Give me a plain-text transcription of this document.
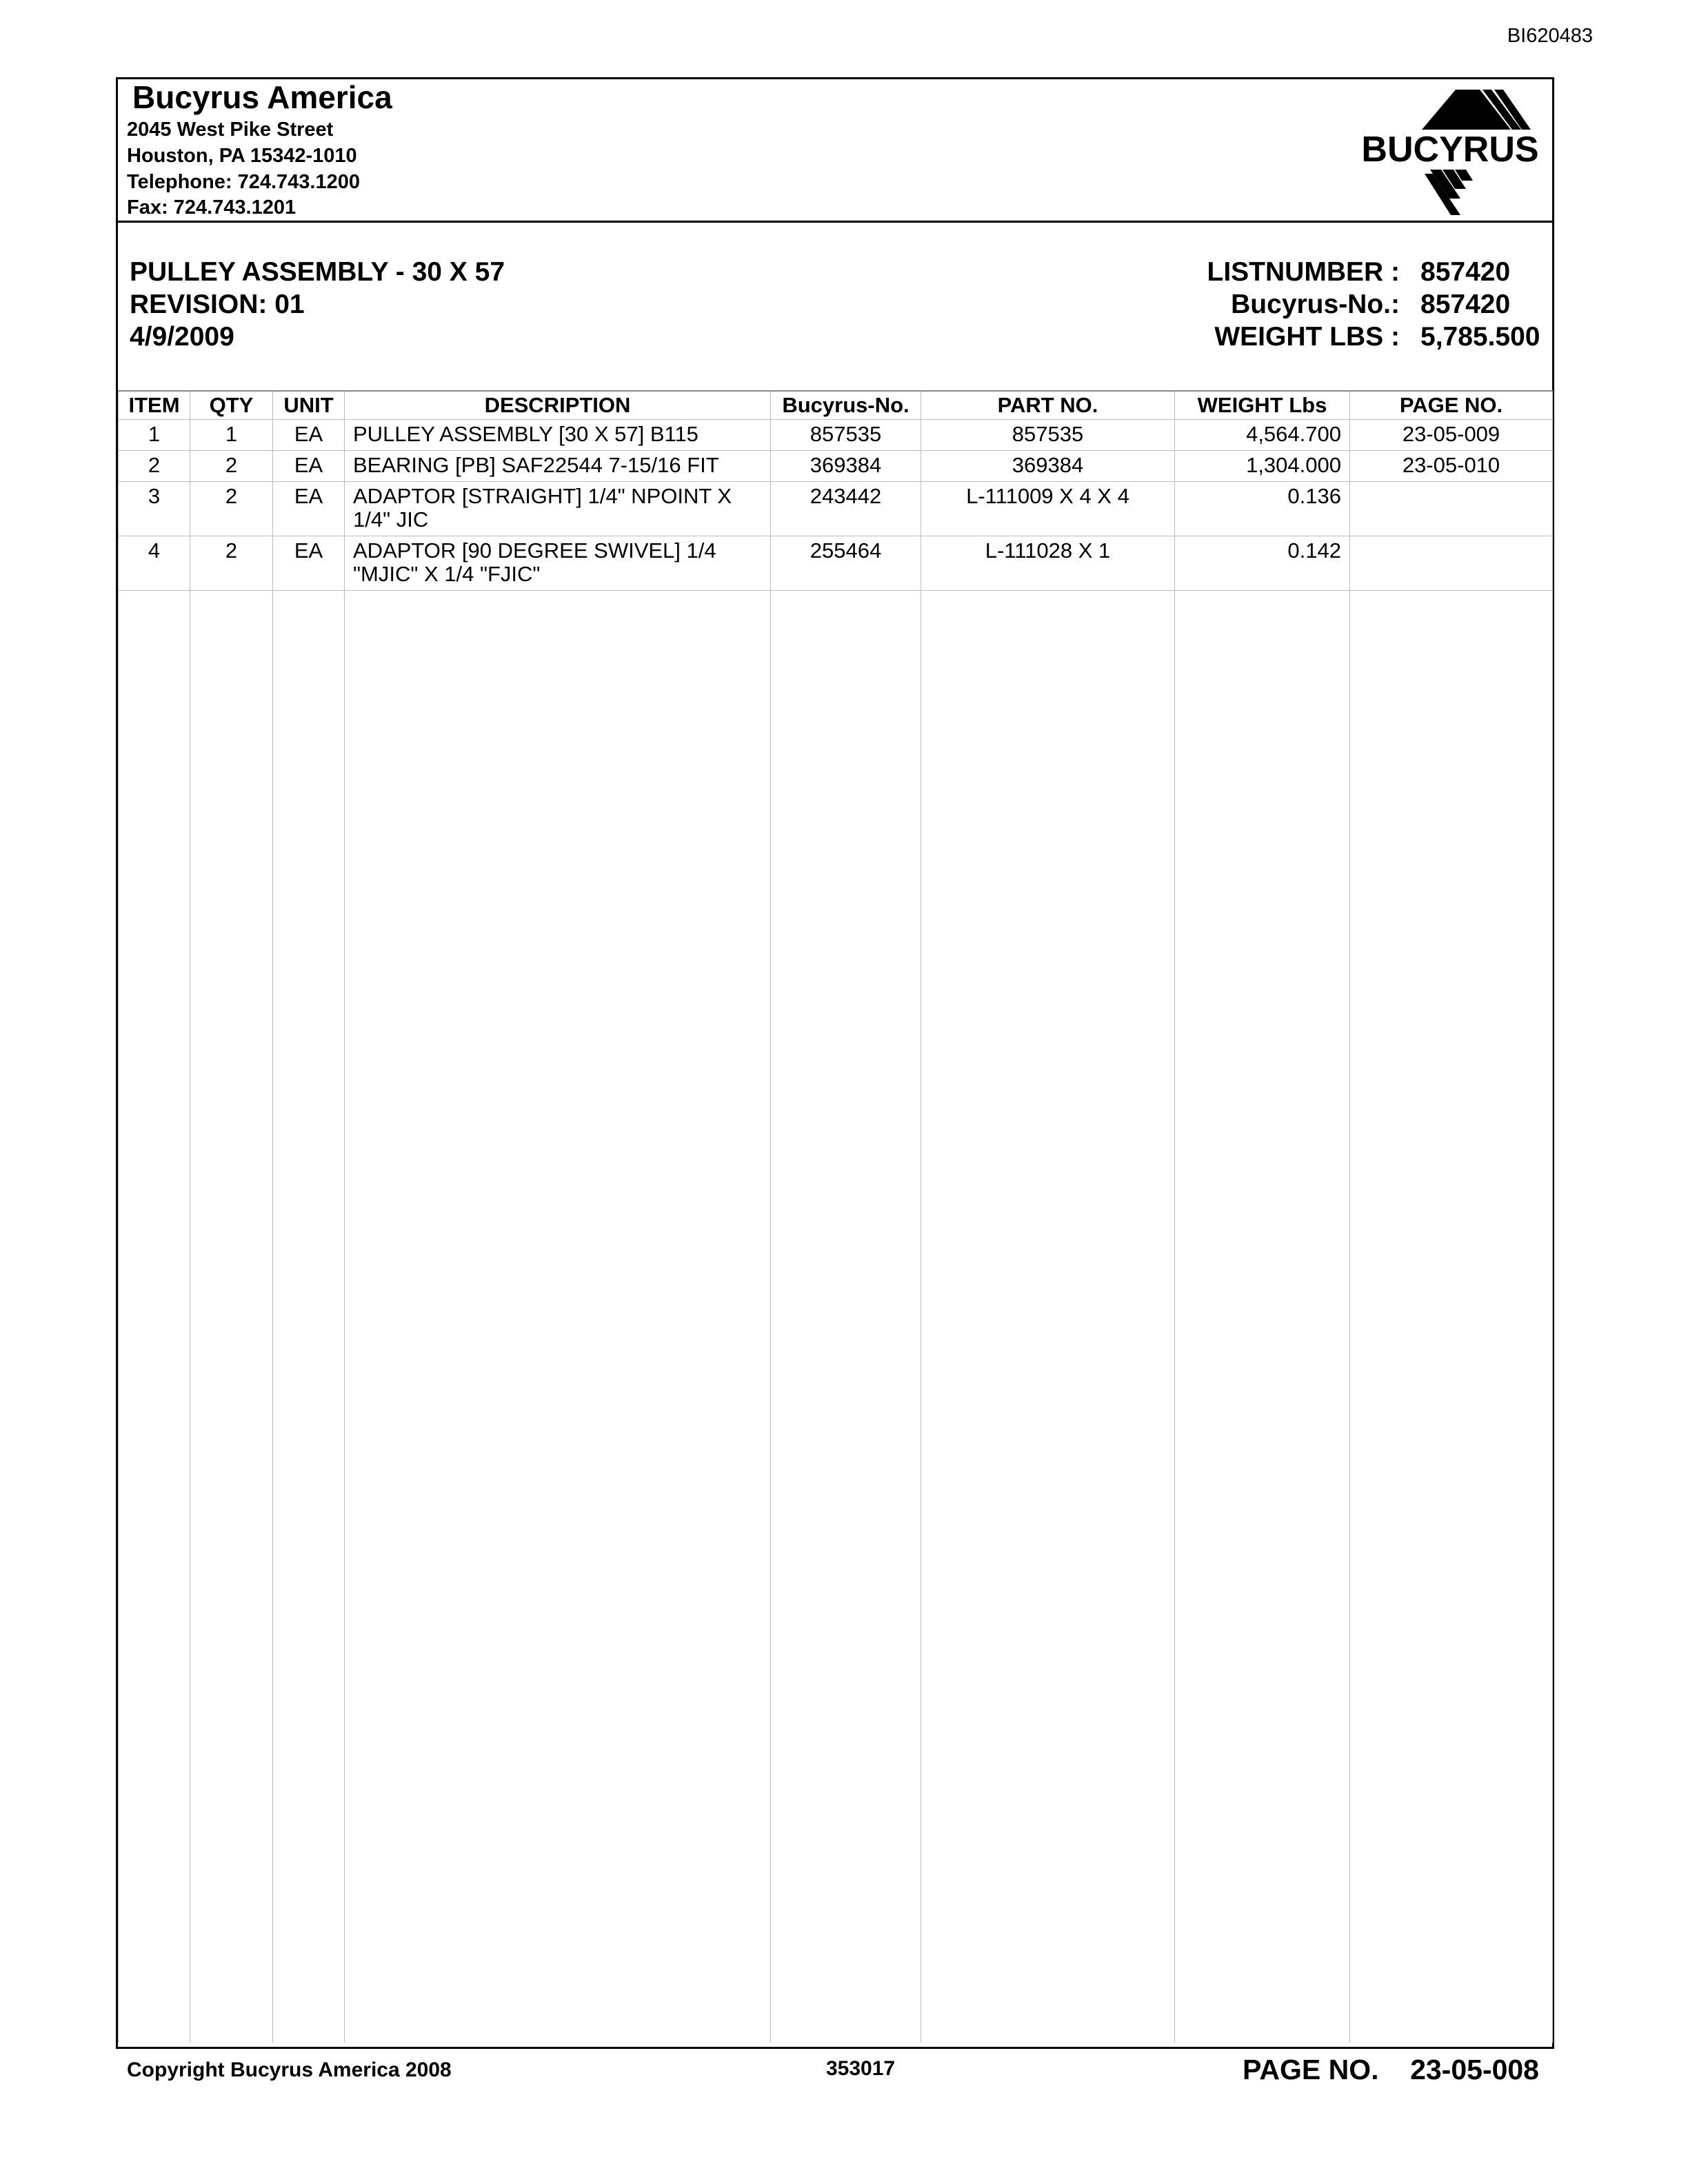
BI620483
Bucyrus America
2045 West Pike Street
Houston, PA 15342-1010
Telephone: 724.743.1200
Fax: 724.743.1201
BUCYRUS
PULLEY ASSEMBLY - 30 X 57
REVISION: 01
4/9/2009
LISTNUMBER : 857420
Bucyrus-No.: 857420
WEIGHT LBS : 5,785.500
ITEM	QTY	UNIT	DESCRIPTION	Bucyrus-No.	PART NO.	WEIGHT Lbs	PAGE NO.
1	1	EA	PULLEY ASSEMBLY [30 X 57] B115	857535	857535	4,564.700	23-05-009
2	2	EA	BEARING [PB] SAF22544 7-15/16 FIT	369384	369384	1,304.000	23-05-010
3	2	EA	ADAPTOR [STRAIGHT] 1/4" NPOINT X 1/4" JIC	243442	L-111009 X 4 X 4	0.136	
4	2	EA	ADAPTOR [90 DEGREE SWIVEL] 1/4 "MJIC" X 1/4 "FJIC"	255464	L-111028 X 1	0.142	

Copyright Bucyrus America 2008	353017	PAGE NO. 23-05-008
